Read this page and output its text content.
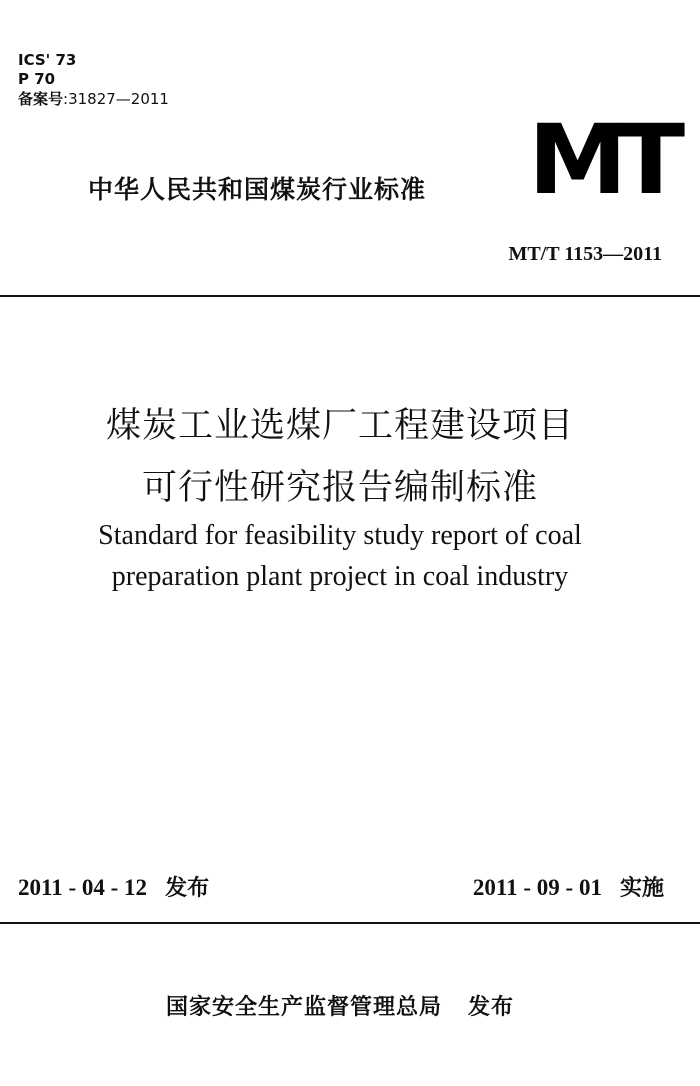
ICS' 73
P 70
备案号:31827—2011
中华人民共和国煤炭行业标准 MT
MT/T 1153—2011
煤炭工业选煤厂工程建设项目
可行性研究报告编制标准
Standard for feasibility study report of coal
preparation plant project in coal industry
2011 - 04 - 12 发布	2011 - 09 - 01 实施
国家安全生产监督管理总局 发布
